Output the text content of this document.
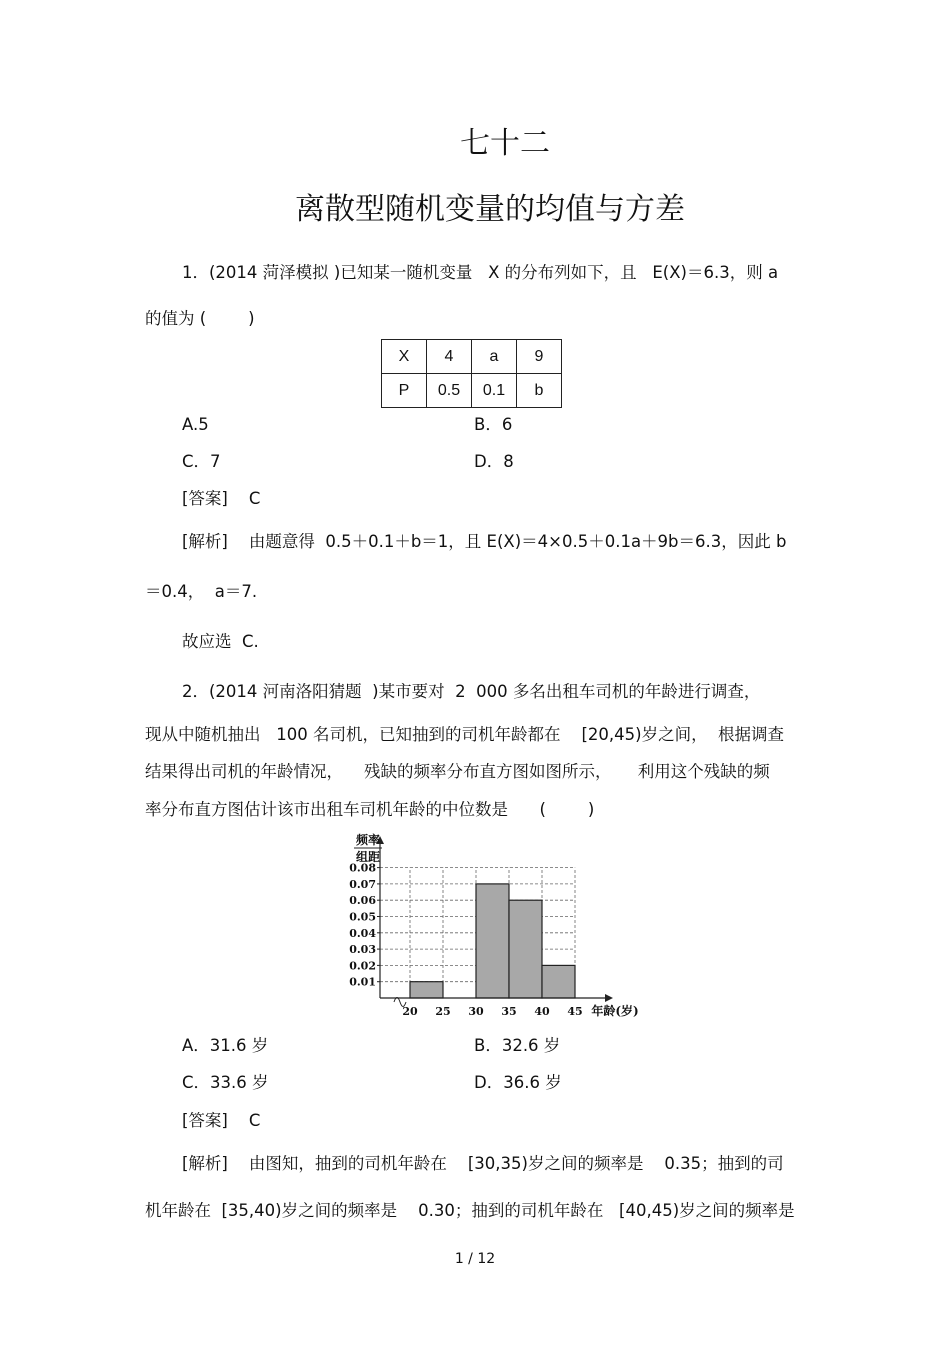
七十二
离散型随机变量的均值与方差
1．(2014 菏泽模拟 )已知某一随机变量   X 的分布列如下，且   E(X)＝6.3，则 a
的值为 (        )
X	4	a	9
P	0.5	0.1	b
A.5	B．6
C．7	D．8
[答案]    C
[解析]    由题意得  0.5＋0.1＋b＝1，且 E(X)＝4×0.5＋0.1a＋9b＝6.3，因此 b
＝0.4，  a＝7.
故应选  C.
2．(2014 河南洛阳猜题  )某市要对  2  000 多名出租车司机的年龄进行调查，
现从中随机抽出   100 名司机，已知抽到的司机年龄都在    [20,45)岁之间，  根据调查
结果得出司机的年龄情况，    残缺的频率分布直方图如图所示，     利用这个残缺的频
率分布直方图估计该市出租车司机年龄的中位数是      (        )
0.01
0.02
0.03
0.04
0.05
0.06
0.07
0.08
20 25 30 35 40 45
频率
组距
年龄(岁)
A．31.6 岁	B．32.6 岁
C．33.6 岁	D．36.6 岁
[答案]    C
[解析]    由图知，抽到的司机年龄在    [30,35)岁之间的频率是    0.35；抽到的司
机年龄在  [35,40)岁之间的频率是    0.30；抽到的司机年龄在   [40,45)岁之间的频率是
1 / 12
